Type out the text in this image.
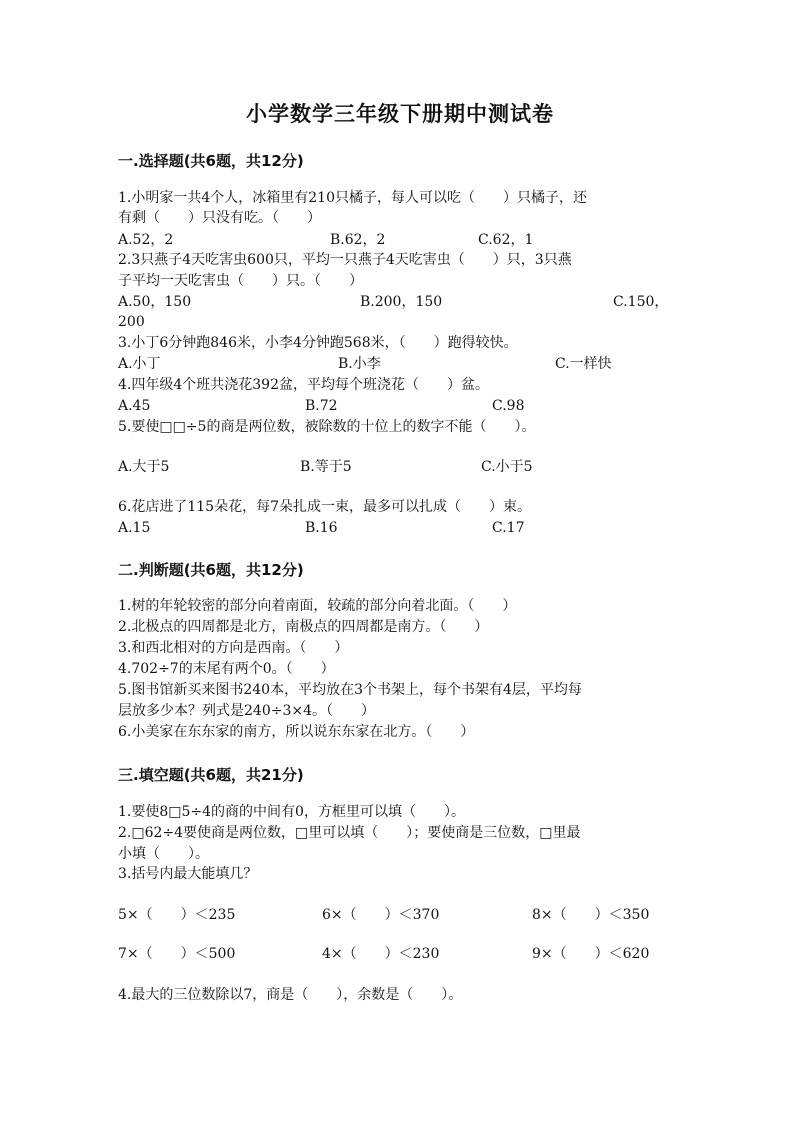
小学数学三年级下册期中测试卷
一.选择题(共6题，共12分)
1.小明家一共4个人，冰箱里有210只橘子，每人可以吃（　　）只橘子，还
有剩（　　）只没有吃。（　　）
A.52，2	B.62，2	C.62，1
2.3只燕子4天吃害虫600只，平均一只燕子4天吃害虫（　　）只，3只燕
子平均一天吃害虫（　　）只。（　　）
A.50，150	B.200，150	C.150，
200
3.小丁6分钟跑846米，小李4分钟跑568米，（　　）跑得较快。
A.小丁	B.小李	C.一样快
4.四年级4个班共浇花392盆，平均每个班浇花（　　）盆。
A.45	B.72	C.98
5.要使□□÷5的商是两位数，被除数的十位上的数字不能（　　）。
A.大于5	B.等于5	C.小于5
6.花店进了115朵花，每7朵扎成一束，最多可以扎成（　　）束。
A.15	B.16	C.17
二.判断题(共6题，共12分)
1.树的年轮较密的部分向着南面，较疏的部分向着北面。（　　）
2.北极点的四周都是北方，南极点的四周都是南方。（　　）
3.和西北相对的方向是西南。（　　）
4.702÷7的末尾有两个0。（　　）
5.图书馆新买来图书240本，平均放在3个书架上，每个书架有4层，平均每
层放多少本？列式是240÷3×4。（　　）
6.小美家在东东家的南方，所以说东东家在北方。（　　）
三.填空题(共6题，共21分)
1.要使8□5÷4的商的中间有0，方框里可以填（　　）。
2.□62÷4要使商是两位数，□里可以填（　　）；要使商是三位数，□里最
小填（　　）。
3.括号内最大能填几？
5×（　　）＜235	6×（　　）＜370	8×（　　）＜350
7×（　　）＜500	4×（　　）＜230	9×（　　）＜620
4.最大的三位数除以7，商是（　　），余数是（　　）。
